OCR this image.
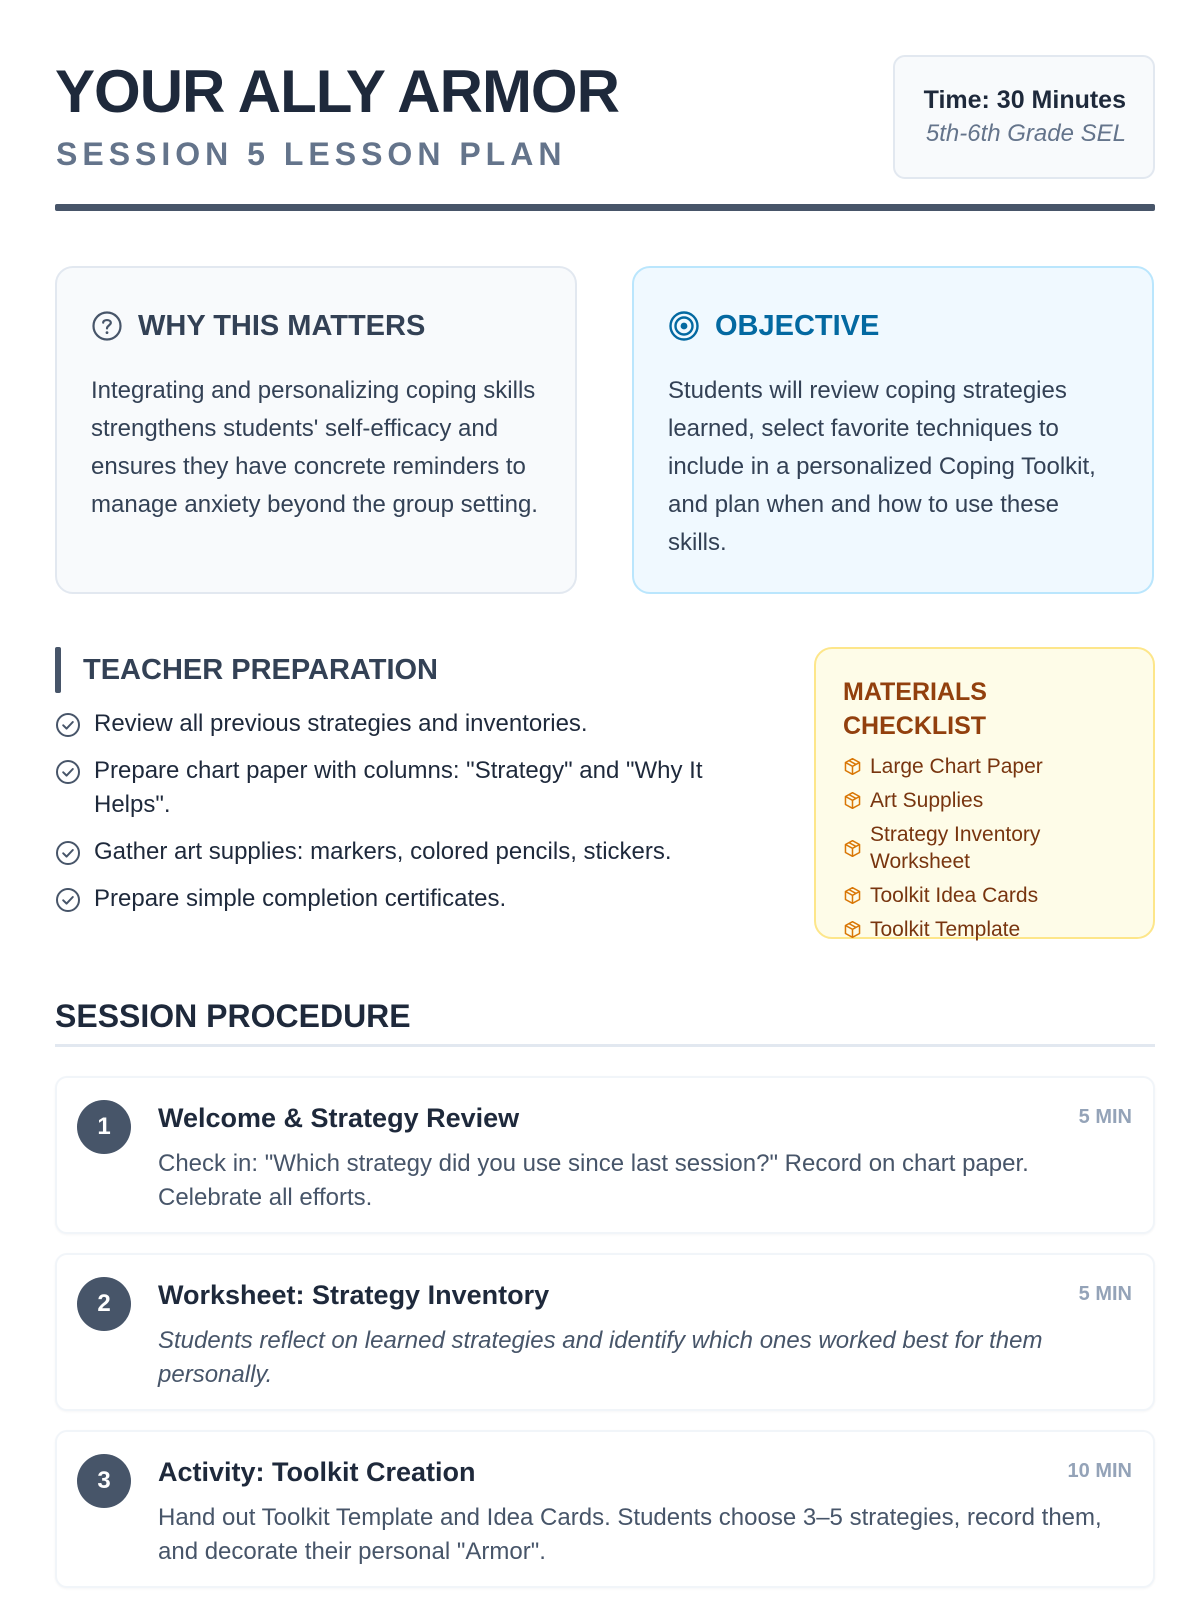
YOUR ALLY ARMOR
SESSION 5 LESSON PLAN
Time: 30 Minutes
5th-6th Grade SEL
WHY THIS MATTERS

Integrating and personalizing coping skills strengthens students' self-efficacy and ensures they have concrete reminders to manage anxiety beyond the group setting.

OBJECTIVE

Students will review coping strategies learned, select favorite techniques to include in a personalized Coping Toolkit, and plan when and how to use these skills.

TEACHER PREPARATION
Review all previous strategies and inventories.
Prepare chart paper with columns: "Strategy" and "Why It Helps".
Gather art supplies: markers, colored pencils, stickers.
Prepare simple completion certificates.
MATERIALS CHECKLIST
Large Chart Paper
Art Supplies
Strategy Inventory Worksheet
Toolkit Idea Cards
Toolkit Template
SESSION PROCEDURE
1	Welcome & Strategy Review	5 MIN

Check in: "Which strategy did you use since last session?" Record on chart paper. Celebrate all efforts.

2	Worksheet: Strategy Inventory	5 MIN

Students reflect on learned strategies and identify which ones worked best for them personally.

3	Activity: Toolkit Creation	10 MIN

Hand out Toolkit Template and Idea Cards. Students choose 3–5 strategies, record them, and decorate their personal "Armor".
